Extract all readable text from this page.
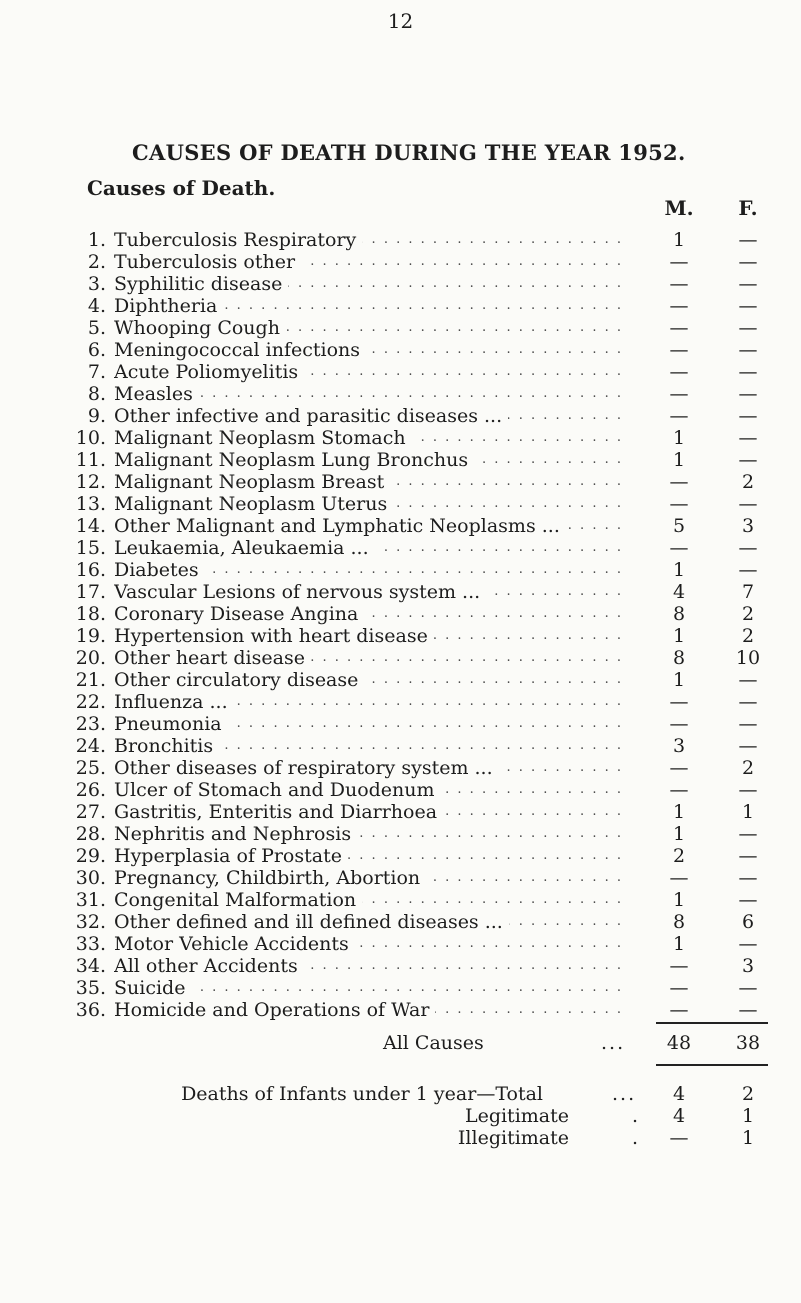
12
CAUSES OF DEATH DURING THE YEAR 1952.
Causes of Death.
M.	F.
1. Tuberculosis Respiratory . . .	1	—
2. Tuberculosis other . . .	—	—
3. Syphilitic disease . . .	—	—
4. Diphtheria . . .	—	—
5. Whooping Cough . . .	—	—
6. Meningococcal infections . . .	—	—
7. Acute Poliomyelitis . . .	—	—
8. Measles . . .	—	—
9. Other infective and parasitic diseases ... . . .	—	—
10. Malignant Neoplasm Stomach . . .	1	—
11. Malignant Neoplasm Lung Bronchus . . .	1	—
12. Malignant Neoplasm Breast . . .	—	2
13. Malignant Neoplasm Uterus . . .	—	—
14. Other Malignant and Lymphatic Neoplasms ... . . .	5	3
15. Leukaemia, Aleukaemia ... . . .	—	—
16. Diabetes . . .	1	—
17. Vascular Lesions of nervous system ... . . .	4	7
18. Coronary Disease Angina . . .	8	2
19. Hypertension with heart disease . . .	1	2
20. Other heart disease . . .	8	10
21. Other circulatory disease . . .	1	—
22. Influenza ... . . .	—	—
23. Pneumonia . . .	—	—
24. Bronchitis . . .	3	—
25. Other diseases of respiratory system ... . . .	—	2
26. Ulcer of Stomach and Duodenum . . .	—	—
27. Gastritis, Enteritis and Diarrhoea . . .	1	1
28. Nephritis and Nephrosis . . .	1	—
29. Hyperplasia of Prostate . . .	2	—
30. Pregnancy, Childbirth, Abortion . . .	—	—
31. Congenital Malformation . . .	1	—
32. Other defined and ill defined diseases ... . . .	8	6
33. Motor Vehicle Accidents . . .	1	—
34. All other Accidents . . .	—	3
35. Suicide . . .	—	—
36. Homicide and Operations of War . . .	—	—
All Causes	...	48	38
Deaths of Infants under 1 year—Total	...	4	2
Legitimate	.	4	1
Illegitimate	.	—	1
